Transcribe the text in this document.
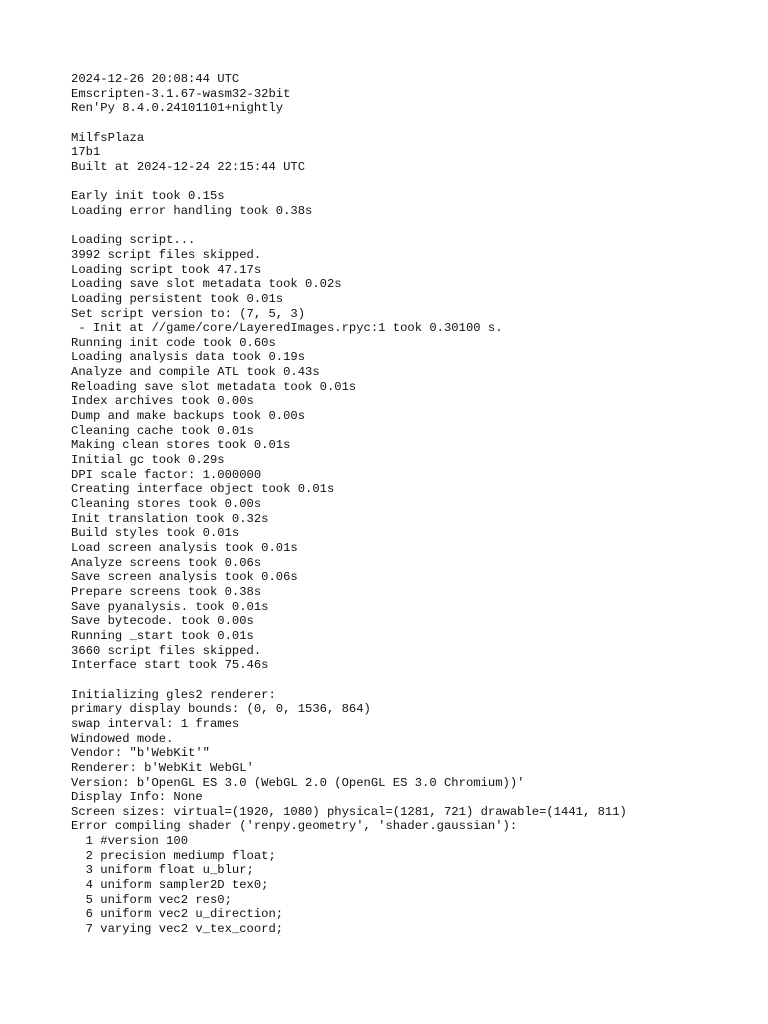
2024-12-26 20:08:44 UTC
Emscripten-3.1.67-wasm32-32bit
Ren'Py 8.4.0.24101101+nightly
MilfsPlaza
17b1
Built at 2024-12-24 22:15:44 UTC
Early init took 0.15s
Loading error handling took 0.38s
Loading script...
3992 script files skipped.
Loading script took 47.17s
Loading save slot metadata took 0.02s
Loading persistent took 0.01s
Set script version to: (7, 5, 3)
- Init at //game/core/LayeredImages.rpyc:1 took 0.30100 s.
Running init code took 0.60s
Loading analysis data took 0.19s
Analyze and compile ATL took 0.43s
Reloading save slot metadata took 0.01s
Index archives took 0.00s
Dump and make backups took 0.00s
Cleaning cache took 0.01s
Making clean stores took 0.01s
Initial gc took 0.29s
DPI scale factor: 1.000000
Creating interface object took 0.01s
Cleaning stores took 0.00s
Init translation took 0.32s
Build styles took 0.01s
Load screen analysis took 0.01s
Analyze screens took 0.06s
Save screen analysis took 0.06s
Prepare screens took 0.38s
Save pyanalysis. took 0.01s
Save bytecode. took 0.00s
Running _start took 0.01s
3660 script files skipped.
Interface start took 75.46s
Initializing gles2 renderer:
primary display bounds: (0, 0, 1536, 864)
swap interval: 1 frames
Windowed mode.
Vendor: "b'WebKit'"
Renderer: b'WebKit WebGL'
Version: b'OpenGL ES 3.0 (WebGL 2.0 (OpenGL ES 3.0 Chromium))'
Display Info: None
Screen sizes: virtual=(1920, 1080) physical=(1281, 721) drawable=(1441, 811)
Error compiling shader ('renpy.geometry', 'shader.gaussian'):
1 #version 100
2 precision mediump float;
3 uniform float u_blur;
4 uniform sampler2D tex0;
5 uniform vec2 res0;
6 uniform vec2 u_direction;
7 varying vec2 v_tex_coord;
